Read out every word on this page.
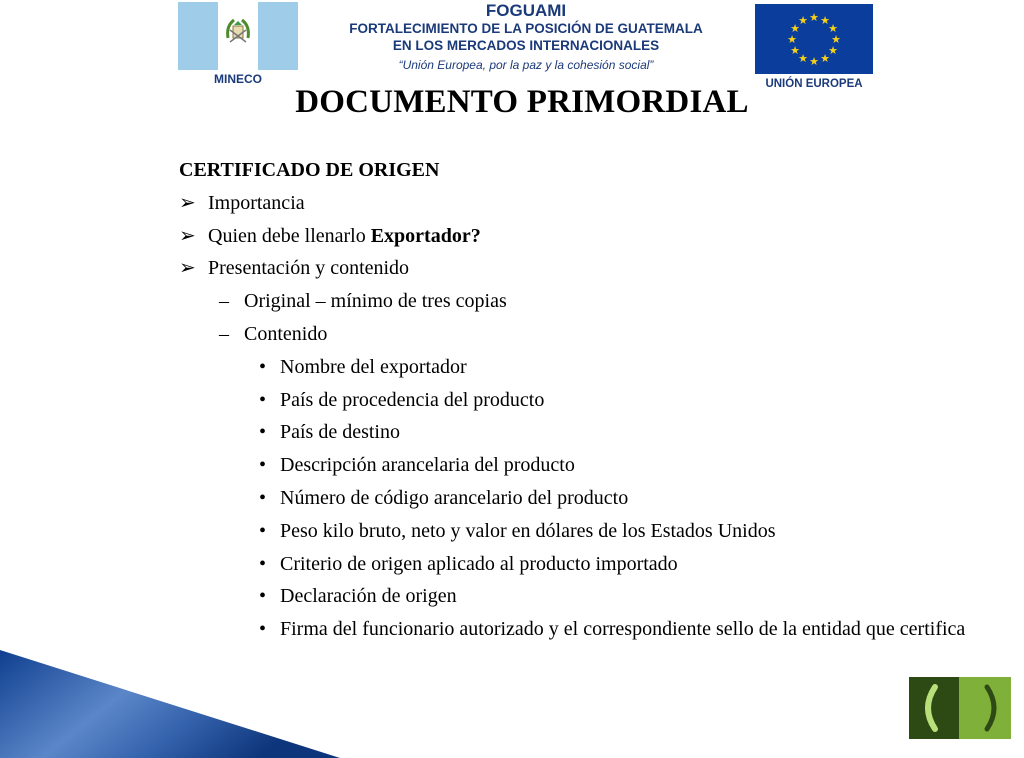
MINECO
FOGUAMI
FORTALECIMIENTO DE LA POSICIÓN DE GUATEMALA
EN LOS MERCADOS INTERNACIONALES
“Unión Europea, por la paz y la cohesión social”
★ ★
★
★
★
★
★
★
★
★
★
★
UNIÓN EUROPEA
DOCUMENTO PRIMORDIAL
CERTIFICADO DE ORIGEN
➢ Importancia
➢ Quien debe llenarlo Exportador?
➢ Presentación y contenido
– Original – mínimo de tres copias
– Contenido
• Nombre del exportador
• País de procedencia del producto
• País de destino
• Descripción arancelaria del producto
• Número de código arancelario del producto
• Peso kilo bruto, neto y valor en dólares de los Estados Unidos
• Criterio de origen aplicado al producto importado
• Declaración de origen
• Firma del funcionario autorizado y el correspondiente sello de la entidad que certifica
